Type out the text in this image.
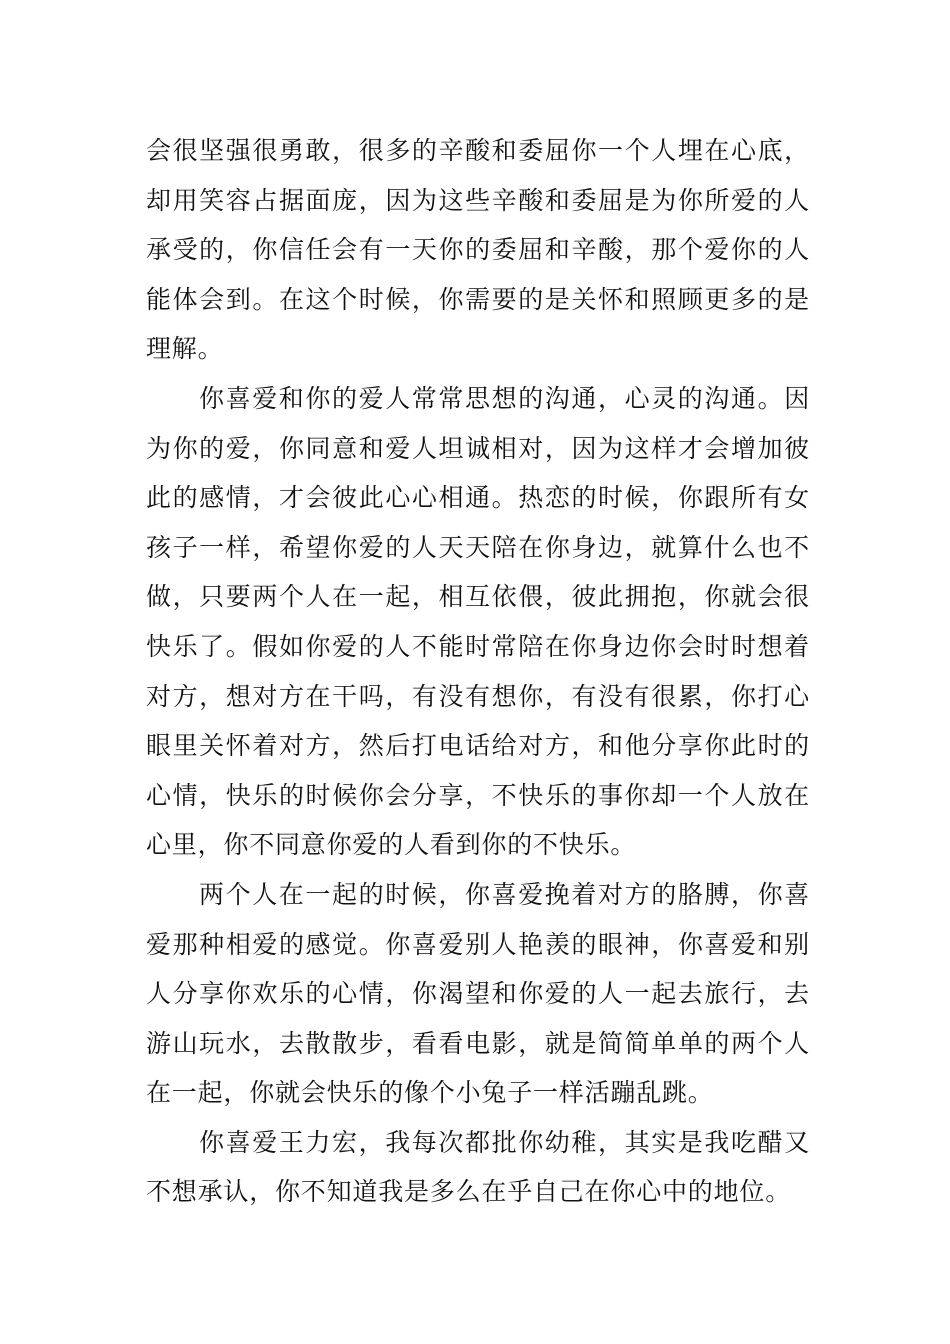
会很坚强很勇敢，很多的辛酸和委屈你一个人埋在心底，却用笑容占据面庞，因为这些辛酸和委屈是为你所爱的人承受的，你信任会有一天你的委屈和辛酸，那个爱你的人能体会到。在这个时候，你需要的是关怀和照顾更多的是理解。

你喜爱和你的爱人常常思想的沟通，心灵的沟通。因为你的爱，你同意和爱人坦诚相对，因为这样才会增加彼此的感情，才会彼此心心相通。热恋的时候，你跟所有女孩子一样，希望你爱的人天天陪在你身边，就算什么也不做，只要两个人在一起，相互依偎，彼此拥抱，你就会很快乐了。假如你爱的人不能时常陪在你身边你会时时想着对方，想对方在干吗，有没有想你，有没有很累，你打心眼里关怀着对方，然后打电话给对方，和他分享你此时的心情，快乐的时候你会分享，不快乐的事你却一个人放在心里，你不同意你爱的人看到你的不快乐。

两个人在一起的时候，你喜爱挽着对方的胳膊，你喜爱那种相爱的感觉。你喜爱别人艳羡的眼神，你喜爱和别人分享你欢乐的心情，你渴望和你爱的人一起去旅行，去游山玩水，去散散步，看看电影，就是简简单单的两个人在一起，你就会快乐的像个小兔子一样活蹦乱跳。

你喜爱王力宏，我每次都批你幼稚，其实是我吃醋又不想承认，你不知道我是多么在乎自己在你心中的地位。
